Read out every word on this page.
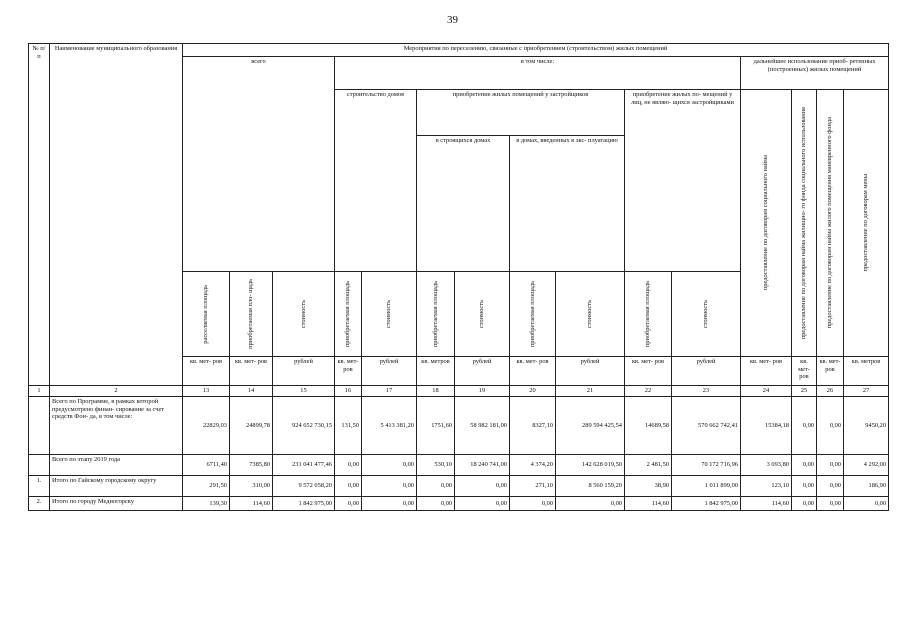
39
№ п/п	Наименование муниципального образования	Мероприятия по переселению, связанные с приобретением (строительством) жилых помещений															
		всего			в том числе:								дальнейшее использование приоб- ретенных (построенных) жилых помещений				
					строительство домов		приобретение жилых помещений у застройщиков				приобретение жилых по- мещений у лиц, не являю- щихся застройщиками		предоставление по договорам социального найма	предоставление по договорам найма жилищно- го фонда социального использования	предоставление по договорам найма жилого помещения маневренного фонда	предоставление по договорам мены	

							в строящихся домах		в домах, введенных в экс- плуатацию								

		расселяемая площадь	приобретаемая пло- щадь	стоимость	приобретаемая площадь	стоимость	приобретаемая площадь	стоимость	приобретаемая площадь	стоимость	приобретаемая площадь	стоимость

		кв. мет- ров	кв. мет- ров	рублей	кв. мет- ров	рублей	кв. метров	рублей	кв. мет- ров	рублей	кв. мет- ров	рублей	кв. мет- ров	кв. мет- ров	кв. мет- ров	кв. метров	
1	2	13	14	15	16	17	18	19	20	21	22	23	24	25	26	27	
	Всего по Программе, в рамках которой предусмотрено финан- сирование за счет средств Фон- да, в том числе:	22829,03	24899,78	924 652 730,15	131,50	5 413 381,20	1751,60	58 982 181,00	8327,10	289 594 425,54	14689,58	570 662 742,41	15384,18	0,00	0,00	9450,20	
	Всего по этапу 2019 года	6711,40	7385,80	231 041 477,46	0,00	0,00	530,10	18 240 741,00	4 374,20	142 628 019,50	2 481,50	70 172 716,96	3 093,80	0,00	0,00	4 292,00	
1.	Итого по Гайскому городскому округу	291,50	310,00	9 572 058,20	0,00	0,00	0,00	0,00	271,10	8 560 159,20	38,90	1 011 899,00	123,10	0,00	0,00	186,90	
2.	Итого по городу Медногорску	139,30	114,60	1 842 975,00	0,00	0,00	0,00	0,00	0,00	0,00	114,60	1 842 975,00	114,60	0,00	0,00	0,00	
